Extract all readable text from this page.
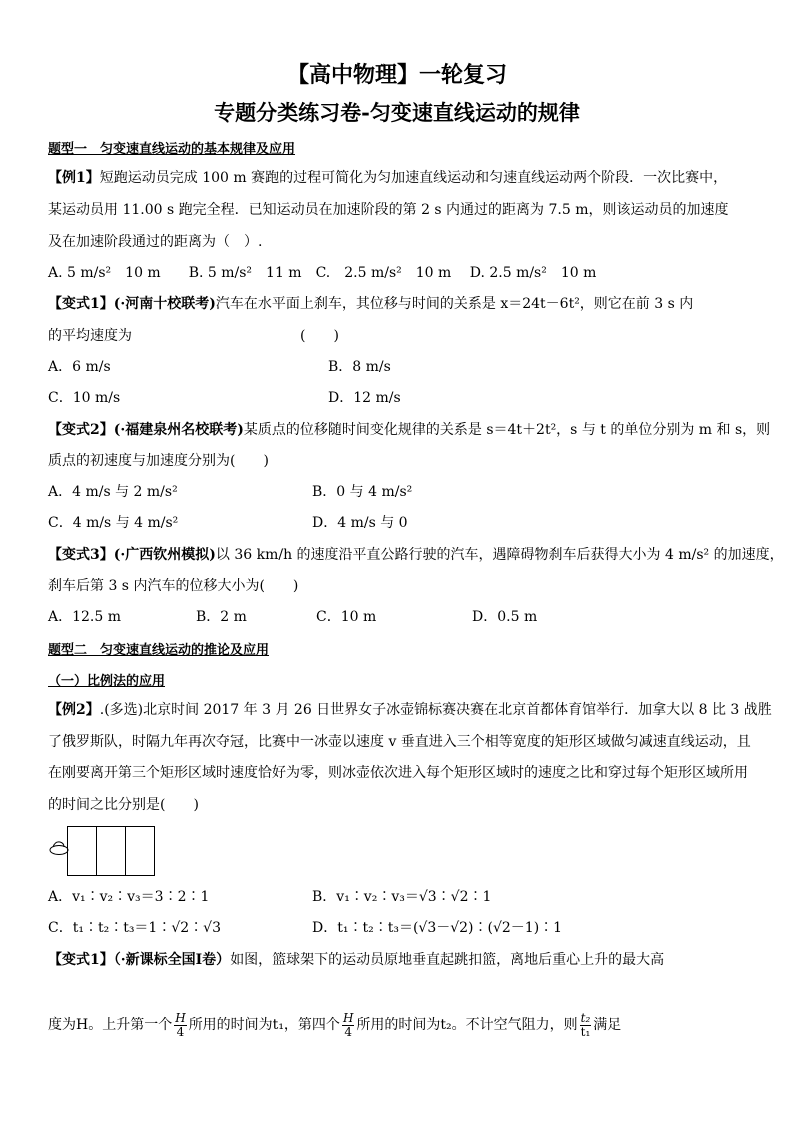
【高中物理】一轮复习
专题分类练习卷-匀变速直线运动的规律
题型一　匀变速直线运动的基本规律及应用
【例1】短跑运动员完成 100 m 赛跑的过程可简化为匀加速直线运动和匀速直线运动两个阶段．一次比赛中，
某运动员用 11.00 s 跑完全程．已知运动员在加速阶段的第 2 s 内通过的距离为 7.5 m，则该运动员的加速度
及在加速阶段通过的距离为（　）.
A. 5 m/s²　10 m　　B. 5 m/s²　11 m　C.　2.5 m/s²　10 m　 D. 2.5 m/s²　10 m
【变式1】(·河南十校联考)汽车在水平面上刹车，其位移与时间的关系是 x＝24t－6t²，则它在前 3 s 内
的平均速度为　　　　　　　　　　　　(　　)
A．6 m/s	B．8 m/s
C．10 m/s	D．12 m/s
【变式2】(·福建泉州名校联考)某质点的位移随时间变化规律的关系是 s＝4t＋2t²，s 与 t 的单位分别为 m 和 s，则
质点的初速度与加速度分别为(　　)
A．4 m/s 与 2 m/s²	B．0 与 4 m/s²
C．4 m/s 与 4 m/s²	D．4 m/s 与 0
【变式3】(·广西钦州模拟)以 36 km/h 的速度沿平直公路行驶的汽车，遇障碍物刹车后获得大小为 4 m/s² 的加速度，
刹车后第 3 s 内汽车的位移大小为(　　)
A．12.5 m	B．2 m	C．10 m	D．0.5 m
题型二　匀变速直线运动的推论及应用
（一）比例法的应用
【例2】.(多选)北京时间 2017 年 3 月 26 日世界女子冰壶锦标赛决赛在北京首都体育馆举行．加拿大以 8 比 3 战胜
了俄罗斯队，时隔九年再次夺冠，比赛中一冰壶以速度 v 垂直进入三个相等宽度的矩形区域做匀减速直线运动，且
在刚要离开第三个矩形区域时速度恰好为零，则冰壶依次进入每个矩形区域时的速度之比和穿过每个矩形区域所用
的时间之比分别是(　　)
A．v₁∶v₂∶v₃＝3∶2∶1	B．v₁∶v₂∶v₃＝√3∶√2∶1
C．t₁∶t₂∶t₃＝1∶√2∶√3	D．t₁∶t₂∶t₃＝(√3－√2)∶(√2－1)∶1
【变式1】（·新课标全国Ⅰ卷）如图，篮球架下的运动员原地垂直起跳扣篮，离地后重心上升的最大高
度为H。上升第一个 $\frac{H}{4}$ 所用的时间为t₁，第四个 $\frac{H}{4}$ 所用的时间为t₂。不计空气阻力，则 $\frac{\text{t₂}}{\text{t₁}}$ 满足
